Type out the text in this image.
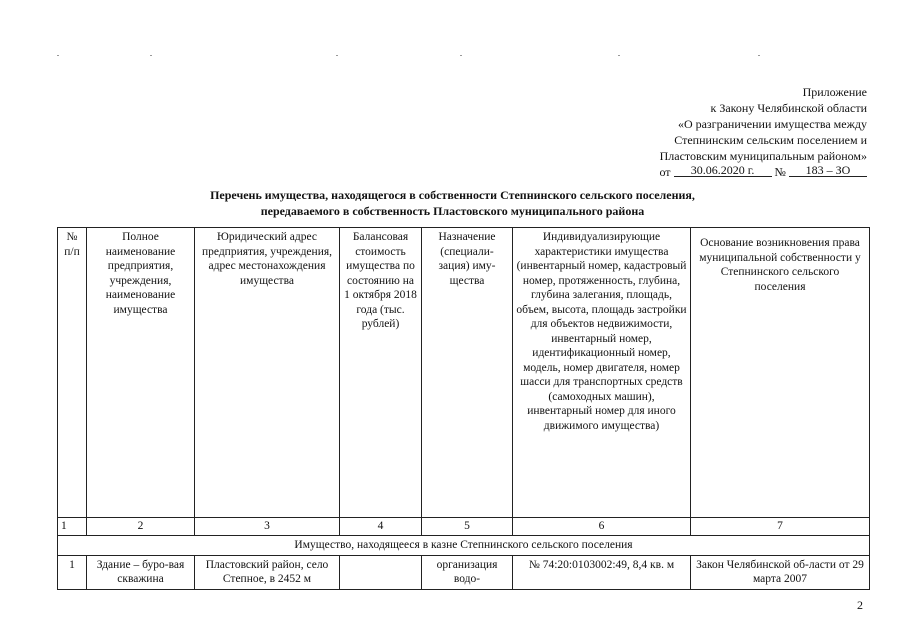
Приложение
к Закону Челябинской области
«О разграничении имущества между
Степнинским сельским поселением и
Пластовским муниципальным районом»
от 30.06.2020 г. № 183 – ЗО
Перечень имущества, находящегося в собственности Степнинского сельского поселения,
передаваемого в собственность Пластовского муниципального района
№ п/п	Полное наименование предприятия, учреждения, наименование имущества	Юридический адрес предприятия, учреждения, адрес местонахождения имущества	Балансовая стоимость имущества по состоянию на 1 октября 2018 года (тыс. рублей)	Назначение (специали-зация) иму-щества	Индивидуализирующие характеристики имущества (инвентарный номер, кадастровый номер, протяженность, глубина, глубина залегания, площадь, объем, высота, площадь застройки для объектов недвижимости, инвентарный номер, идентификационный номер, модель, номер двигателя, номер шасси для транспортных средств (самоходных машин), инвентарный номер для иного движимого имущества)	Основание возникновения права муниципальной собственности у Степнинского сельского поселения
1	2	3	4	5	6	7
Имущество, находящееся в казне Степнинского сельского поселения						
1	Здание – буро-вая скважина	Пластовский район, село Степное, в 2452 м		организация водо-	№ 74:20:0103002:49, 8,4 кв. м	Закон Челябинской об-ласти от 29 марта 2007
2
